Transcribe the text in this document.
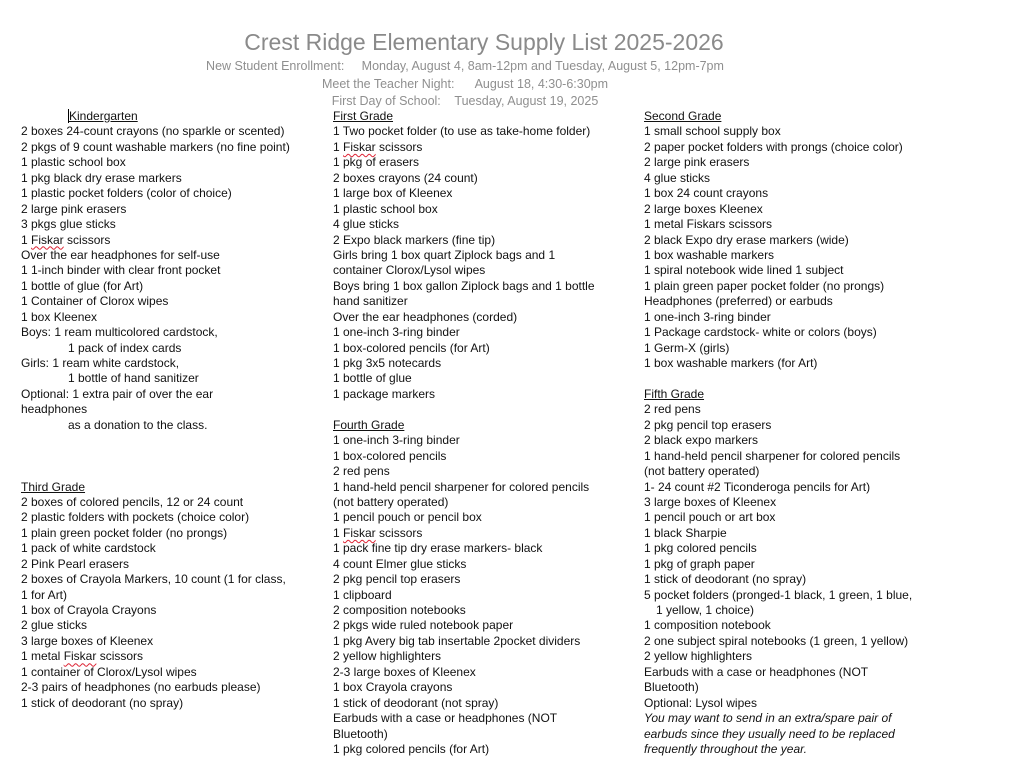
Crest Ridge Elementary Supply List 2025-2026
New Student Enrollment:     Monday, August 4, 8am-12pm and Tuesday, August 5, 12pm-7pm
Meet the Teacher Night:      August 18, 4:30-6:30pm
First Day of School:    Tuesday, August 19, 2025
Kindergarten
2 boxes 24-count crayons (no sparkle or scented)
2 pkgs of 9 count washable markers (no fine point)
1 plastic school box
1 pkg black dry erase markers
1 plastic pocket folders (color of choice)
2 large pink erasers
3 pkgs glue sticks
1 Fiskar scissors
Over the ear headphones for self-use
1 1-inch binder with clear front pocket
1 bottle of glue (for Art)
1 Container of Clorox wipes
1 box Kleenex
Boys: 1 ream multicolored cardstock,
1 pack of index cards
Girls: 1 ream white cardstock,
1 bottle of hand sanitizer
Optional: 1 extra pair of over the ear
headphones
as a donation to the class.
Third Grade
2 boxes of colored pencils, 12 or 24 count
2 plastic folders with pockets (choice color)
1 plain green pocket folder (no prongs)
1 pack of white cardstock
2 Pink Pearl erasers
2 boxes of Crayola Markers, 10 count (1 for class,
1 for Art)
1 box of Crayola Crayons
2 glue sticks
3 large boxes of Kleenex
1 metal Fiskar scissors
1 container of Clorox/Lysol wipes
2-3 pairs of headphones (no earbuds please)
1 stick of deodorant (no spray)
First Grade
1 Two pocket folder (to use as take-home folder)
1 Fiskar scissors
1 pkg of erasers
2 boxes crayons (24 count)
1 large box of Kleenex
1 plastic school box
4 glue sticks
2 Expo black markers (fine tip)
Girls bring 1 box quart Ziplock bags and 1
container Clorox/Lysol wipes
Boys bring 1 box gallon Ziplock bags and 1 bottle
hand sanitizer
Over the ear headphones (corded)
1 one-inch 3-ring binder
1 box-colored pencils (for Art)
1 pkg 3x5 notecards
1 bottle of glue
1 package markers
Fourth Grade
1 one-inch 3-ring binder
1 box-colored pencils
2 red pens
1 hand-held pencil sharpener for colored pencils
(not battery operated)
1 pencil pouch or pencil box
1 Fiskar scissors
1 pack fine tip dry erase markers- black
4 count Elmer glue sticks
2 pkg pencil top erasers
1 clipboard
2 composition notebooks
2 pkgs wide ruled notebook paper
1 pkg Avery big tab insertable 2pocket dividers
2 yellow highlighters
2-3 large boxes of Kleenex
1 box Crayola crayons
1 stick of deodorant (not spray)
Earbuds with a case or headphones (NOT
Bluetooth)
1 pkg colored pencils (for Art)
Second Grade
1 small school supply box
2 paper pocket folders with prongs (choice color)
2 large pink erasers
4 glue sticks
1 box 24 count crayons
2 large boxes Kleenex
1 metal Fiskars scissors
2 black Expo dry erase markers (wide)
1 box washable markers
1 spiral notebook wide lined 1 subject
1 plain green paper pocket folder (no prongs)
Headphones (preferred) or earbuds
1 one-inch 3-ring binder
1 Package cardstock- white or colors (boys)
1 Germ-X (girls)
1 box washable markers (for Art)
Fifth Grade
2 red pens
2 pkg pencil top erasers
2 black expo markers
1 hand-held pencil sharpener for colored pencils
(not battery operated)
1- 24 count #2 Ticonderoga pencils for Art)
3 large boxes of Kleenex
1 pencil pouch or art box
1 black Sharpie
1 pkg colored pencils
1 pkg of graph paper
1 stick of deodorant (no spray)
5 pocket folders (pronged-1 black, 1 green, 1 blue,
1 yellow, 1 choice)
1 composition notebook
2 one subject spiral notebooks (1 green, 1 yellow)
2 yellow highlighters
Earbuds with a case or headphones (NOT
Bluetooth)
Optional: Lysol wipes
You may want to send in an extra/spare pair of
earbuds since they usually need to be replaced
frequently throughout the year.
